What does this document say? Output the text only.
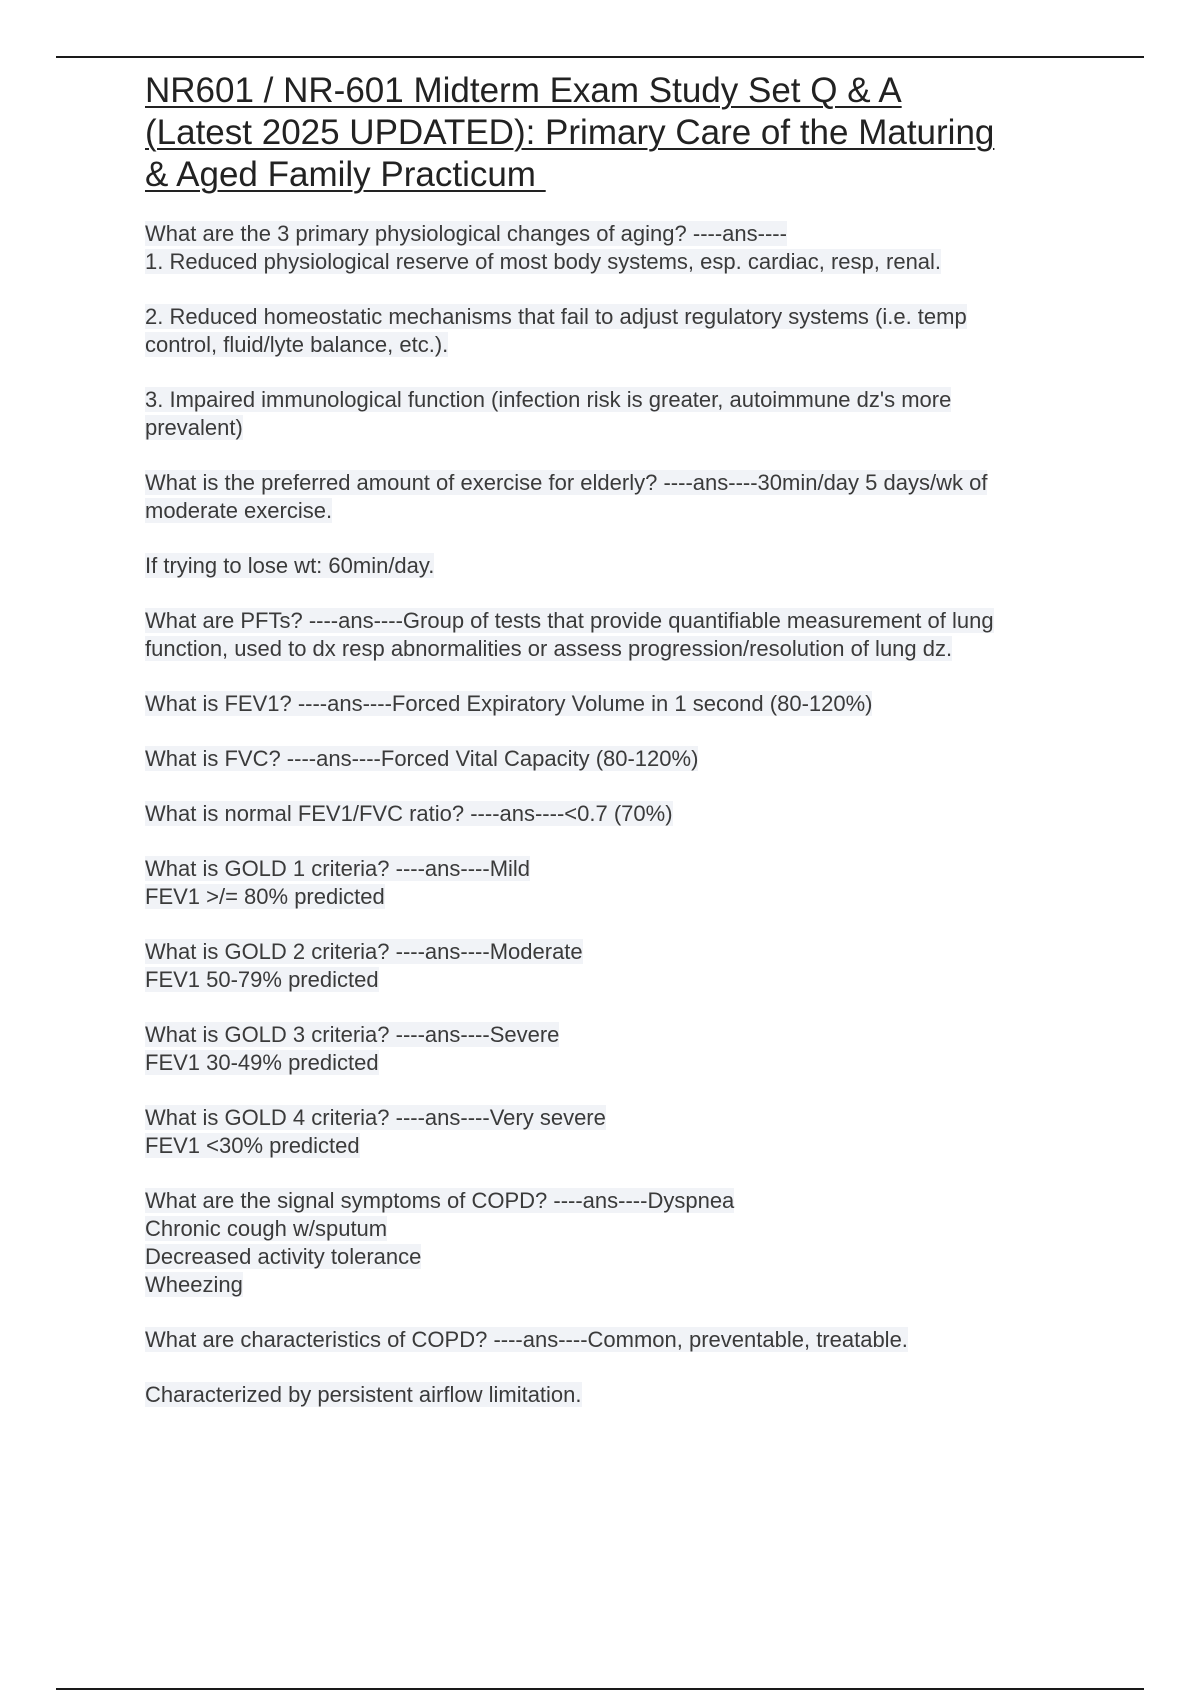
NR601 / NR-601 Midterm Exam Study Set Q & A
(Latest 2025 UPDATED): Primary Care of the Maturing
& Aged Family Practicum
What are the 3 primary physiological changes of aging? ----ans----
1. Reduced physiological reserve of most body systems, esp. cardiac, resp, renal.
2. Reduced homeostatic mechanisms that fail to adjust regulatory systems (i.e. temp
control, fluid/lyte balance, etc.).
3. Impaired immunological function (infection risk is greater, autoimmune dz's more
prevalent)
What is the preferred amount of exercise for elderly? ----ans----30min/day 5 days/wk of
moderate exercise.
If trying to lose wt: 60min/day.
What are PFTs? ----ans----Group of tests that provide quantifiable measurement of lung
function, used to dx resp abnormalities or assess progression/resolution of lung dz.
What is FEV1? ----ans----Forced Expiratory Volume in 1 second (80-120%)
What is FVC? ----ans----Forced Vital Capacity (80-120%)
What is normal FEV1/FVC ratio? ----ans----<0.7 (70%)
What is GOLD 1 criteria? ----ans----Mild
FEV1 >/= 80% predicted
What is GOLD 2 criteria? ----ans----Moderate
FEV1 50-79% predicted
What is GOLD 3 criteria? ----ans----Severe
FEV1 30-49% predicted
What is GOLD 4 criteria? ----ans----Very severe
FEV1 <30% predicted
What are the signal symptoms of COPD? ----ans----Dyspnea
Chronic cough w/sputum
Decreased activity tolerance
Wheezing
What are characteristics of COPD? ----ans----Common, preventable, treatable.
Characterized by persistent airflow limitation.
